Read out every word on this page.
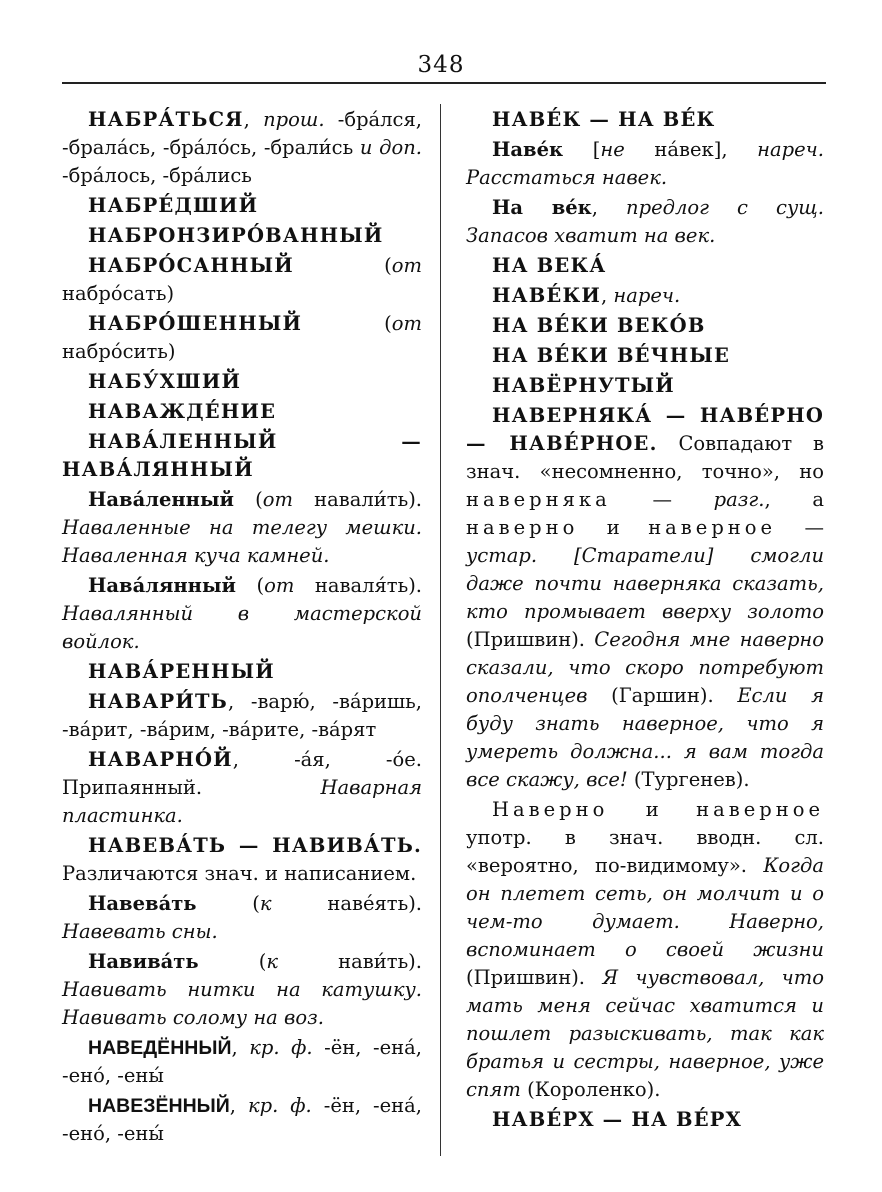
348

НАБРА́ТЬСЯ, прош. -бра́лся, -брала́сь, -бра́ло́сь, -брали́сь и доп. -бра́лось, -бра́лись

НАБРЕ́ДШИЙ

НАБРОНЗИРО́ВАННЫЙ

НАБРО́САННЫЙ (от набро́сать)

НАБРО́ШЕННЫЙ (от набро́сить)

НАБУ́ХШИЙ

НАВАЖДЕ́НИЕ

НАВА́ЛЕННЫЙ — НАВА́ЛЯННЫЙ

Нава́ленный (от навали́ть). Наваленные на телегу мешки. Наваленная куча камней.

Нава́лянный (от наваля́ть). Навалянный в мастерской войлок.

НАВА́РЕННЫЙ

НАВАРИ́ТЬ, -варю́, -ва́ришь, -ва́рит, -ва́рим, -ва́рите, -ва́рят

НАВАРНО́Й, -а́я, -о́е. Припаянный. Наварная пластинка.

НАВЕВА́ТЬ — НАВИВА́ТЬ. Различаются знач. и написанием.

Навева́ть (к навéять). Навевать сны.

Навива́ть (к нави́ть). Навивать нитки на катушку. Навивать солому на воз.

НАВЕДЁННЫЙ, кр. ф. -ён, -ена́, -ено́, -ены́

НАВЕЗЁННЫЙ, кр. ф. -ён, -ена́, -ено́, -ены́

НАВЕ́К — НА ВЕ́К

Наве́к [не на́век], нареч. Расстаться навек.

На ве́к, предлог с сущ. Запасов хватит на век.

НА ВЕКА́

НАВЕ́КИ, нареч.

НА ВЕ́КИ ВЕКО́В

НА ВЕ́КИ ВЕ́ЧНЫЕ

НАВЁРНУТЫЙ

НАВЕРНЯКА́ — НАВЕ́РНО — НАВЕ́РНОЕ. Совпадают в знач. «несомненно, точно», но наверняка — разг., а наверно и наверное — устар. [Старатели] смогли даже почти наверняка сказать, кто промывает вверху золото (Пришвин). Сегодня мне наверно сказали, что скоро потребуют ополченцев (Гаршин). Если я буду знать наверное, что я умереть должна... я вам тогда все скажу, все! (Тургенев).

Наверно и наверное употр. в знач. вводн. сл. «вероятно, по-видимому». Когда он плетет сеть, он молчит и о чем-то думает. Наверно, вспоминает о своей жизни (Пришвин). Я чувствовал, что мать меня сейчас хватится и пошлет разыскивать, так как братья и сестры, наверное, уже спят (Короленко).

НАВЕ́РХ — НА ВЕ́РХ
